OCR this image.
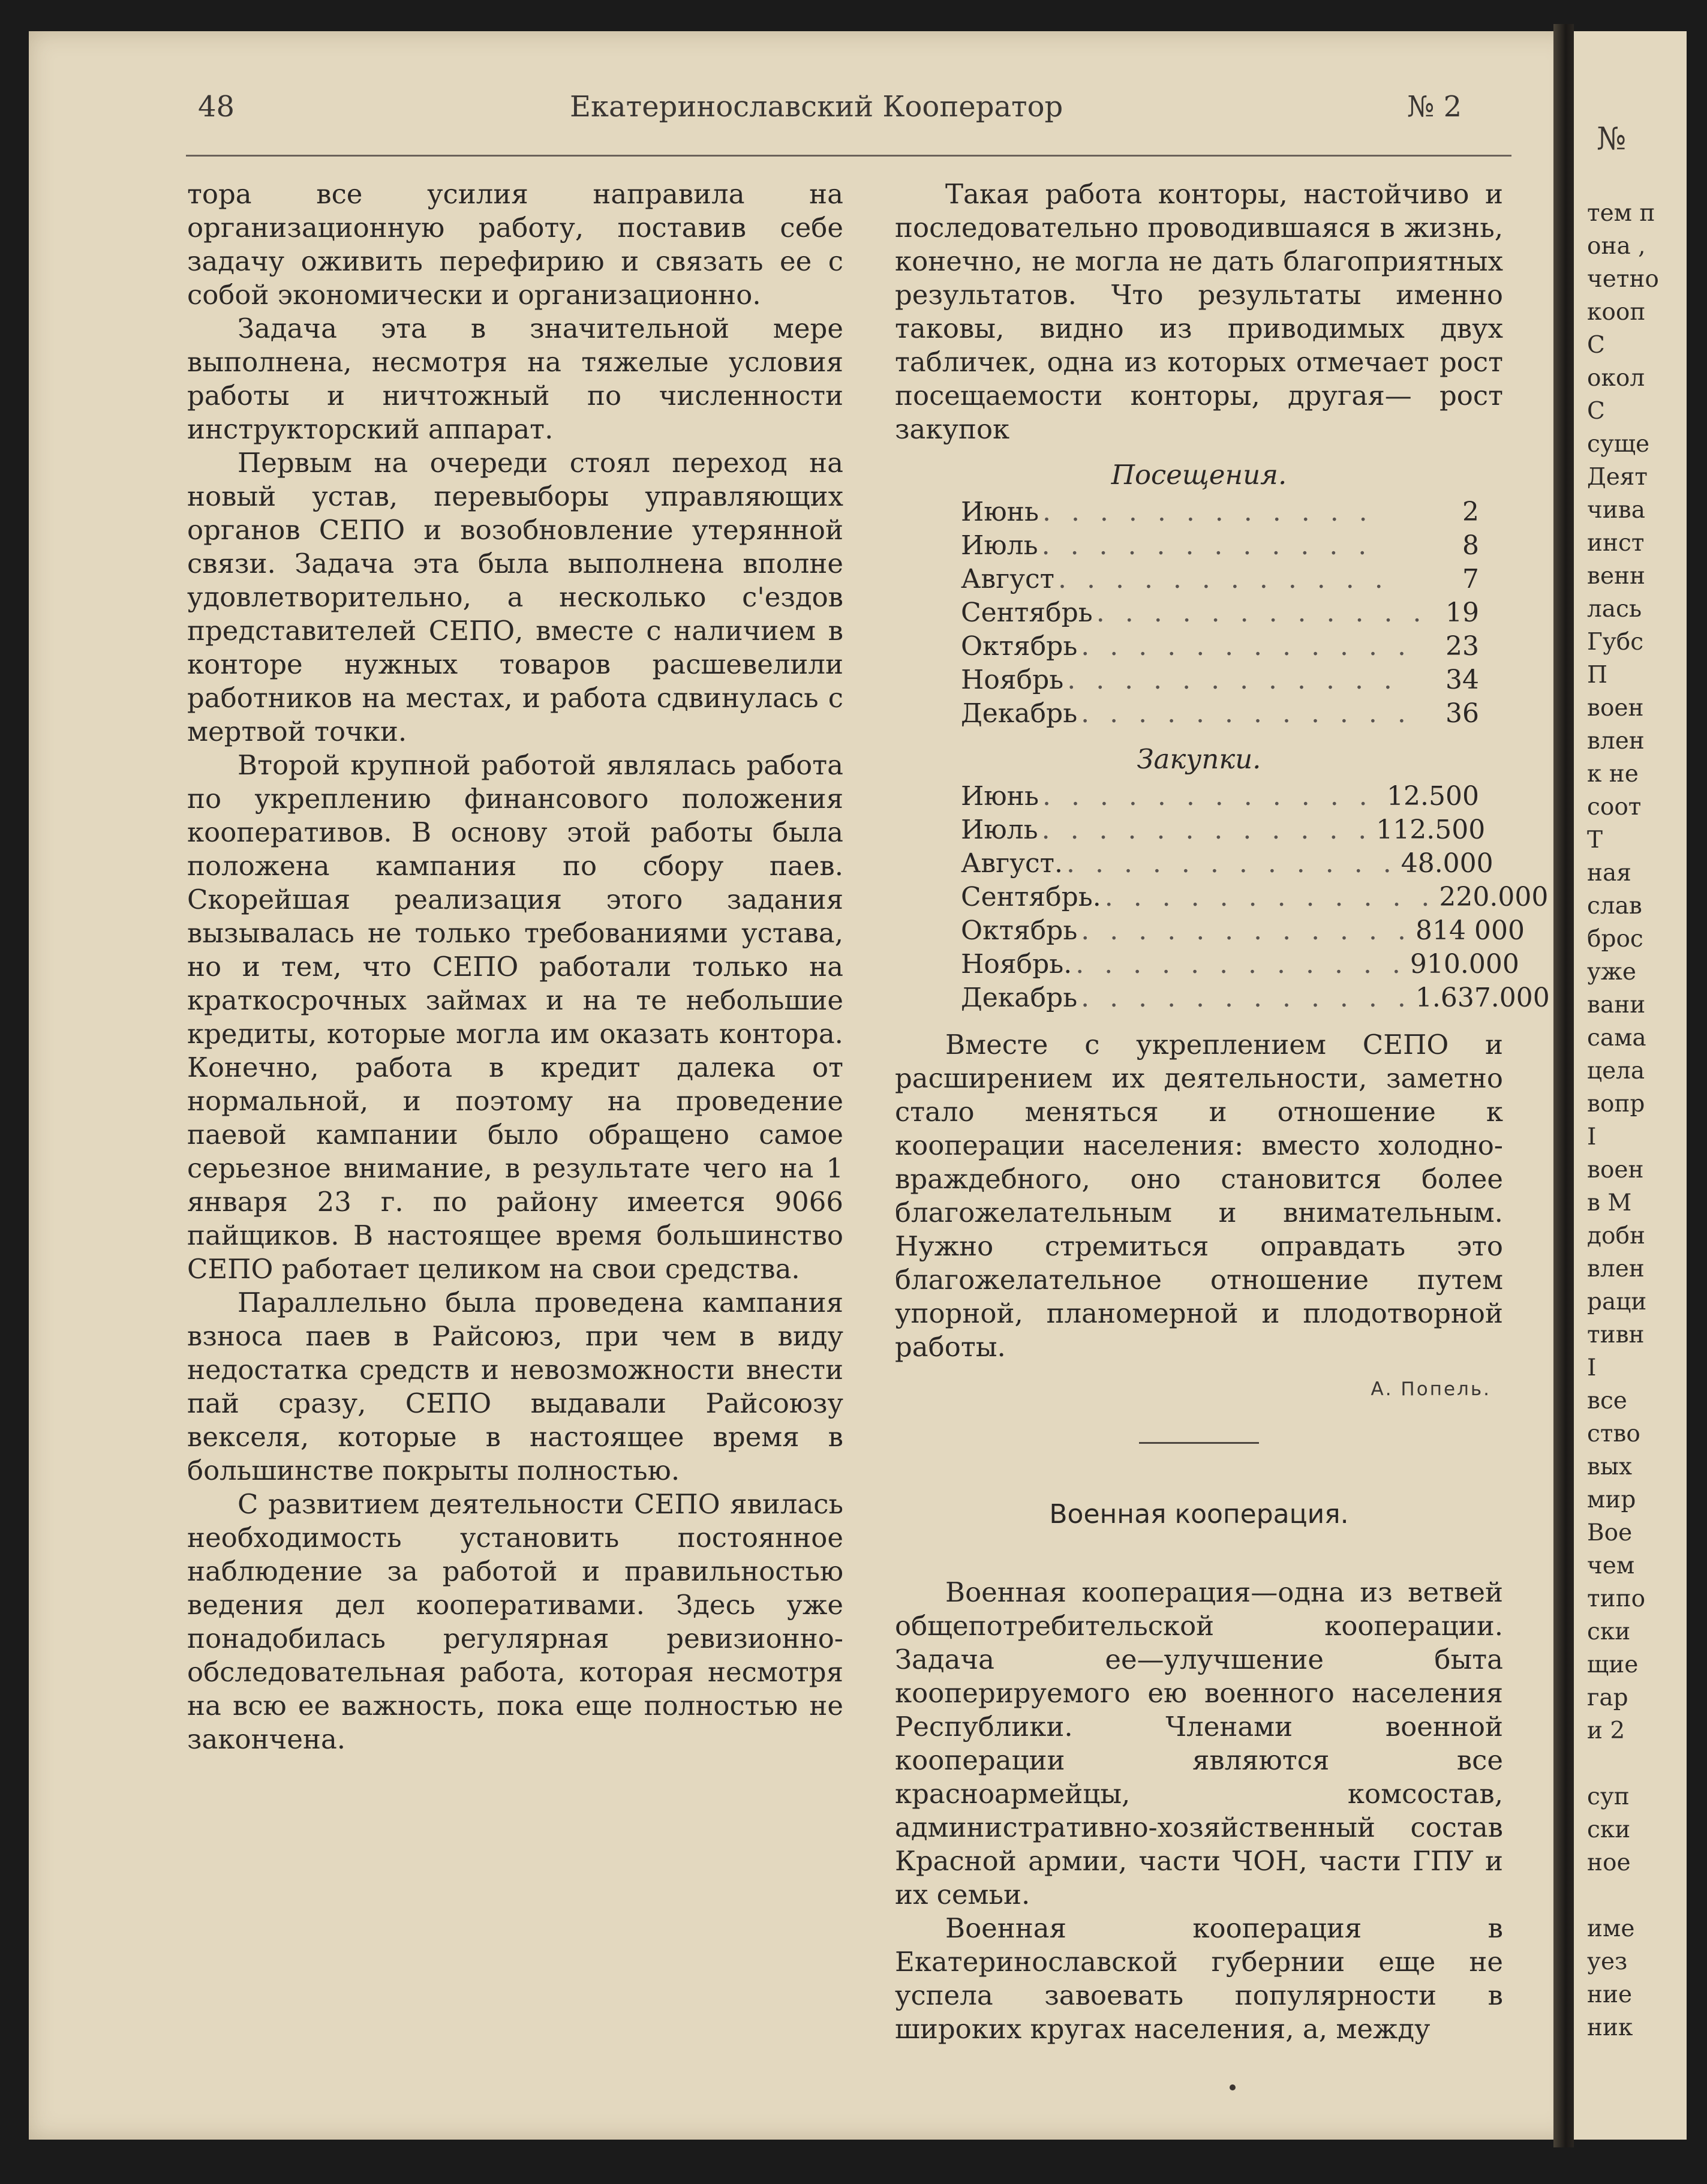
48	Екатеринославский Кооператор	№ 2

тора все усилия направила на организационную работу, поставив себе задачу оживить перефирию и связать ее с собой экономически и организационно.

Задача эта в значительной мере выполнена, несмотря на тяжелые условия работы и ничтожный по численности инструкторский аппарат.

Первым на очереди стоял переход на новый устав, перевыборы управляющих органов СЕПО и возобновление утерянной связи. Задача эта была выполнена вполне удовлетворительно, а несколько с'ездов представителей СЕПО, вместе с наличием в конторе нужных товаров расшевелили работников на местах, и работа сдвинулась с мертвой точки.

Второй крупной работой являлась работа по укреплению финансового положения кооперативов. В основу этой работы была положена кампания по сбору паев. Скорейшая реализация этого задания вызывалась не только требованиями устава, но и тем, что СЕПО работали только на краткосрочных займах и на те небольшие кредиты, которые могла им оказать контора. Конечно, работа в кредит далека от нормальной, и поэтому на проведение паевой кампании было обращено самое серьезное внимание, в результате чего на 1 января 23 г. по району имеется 9066 пайщиков. В настоящее время большинство СЕПО работает целиком на свои средства.

Параллельно была проведена кампания взноса паев в Райсоюз, при чем в виду недостатка средств и невозможности внести пай сразу, СЕПО выдавали Райсоюзу векселя, которые в настоящее время в большинстве покрыты полностью.

С развитием деятельности СЕПО явилась необходимость установить постоянное наблюдение за работой и правильностью ведения дел кооперативами. Здесь уже понадобилась регулярная ревизионно-обследовательная работа, которая несмотря на всю ее важность, пока еще полностью не закончена.

Такая работа конторы, настойчиво и последовательно проводившаяся в жизнь, конечно, не могла не дать благоприятных результатов. Что результаты именно таковы, видно из приводимых двух табличек, одна из которых отмечает рост посещаемости конторы, другая— рост закупок

Посещения.
Июнь . . . . . . . . . . . .	2
Июль . . . . . . . . . . . .	8
Август . . . . . . . . . . . .	7
Сентябрь . . . . . . . . . . . . 19
Октябрь . . . . . . . . . . . .	23
Ноябрь . . . . . . . . . . . .	34
Декабрь . . . . . . . . . . . .	36
Закупки.
Июнь . . . . . . . . . . . . 12.500
Июль . . . . . . . . . . . . 112.500
Август. . . . . . . . . . . . . 48.000
Сентябрь. . . . . . . . . . . . . 220.000
Октябрь . . . . . . . . . . . . 814 000
Ноябрь. . . . . . . . . . . . . 910.000
Декабрь . . . . . . . . . . . . 1.637.000

Вместе с укреплением СЕПО и расширением их деятельности, заметно стало меняться и отношение к кооперации населения: вместо холодно-враждебного, оно становится более благожелательным и внимательным. Нужно стремиться оправдать это благожелательное отношение путем упорной, планомерной и плодотворной работы.

А. Попель.
Военная кооперация.

Военная кооперация—одна из ветвей общепотребительской кооперации. Задача ее—улучшение быта кооперируемого ею военного населения Республики. Членами военной кооперации являются все красноармейцы, комсостав, административно-хозяйственный состав Красной армии, части ЧОН, части ГПУ и их семьи.

Военная кооперация в Екатеринославской губернии еще не успела завоевать популярности в широких кругах населения, а, между

№
тем п
она ,
четно
кооп
С
окол
С
суще
Деят
чива
инст
венн
лась
Губс
П
воен
влен
к не
соот
Т
ная
слав
брос
уже
вани
сама
цела
вопр
I
воен
в М
добн
влен
раци
тивн
I
все
ство
вых
мир
Вое
чем
типо
ски
щие
гар
и 2
суп
ски
ное
име
уез
ние
ник
